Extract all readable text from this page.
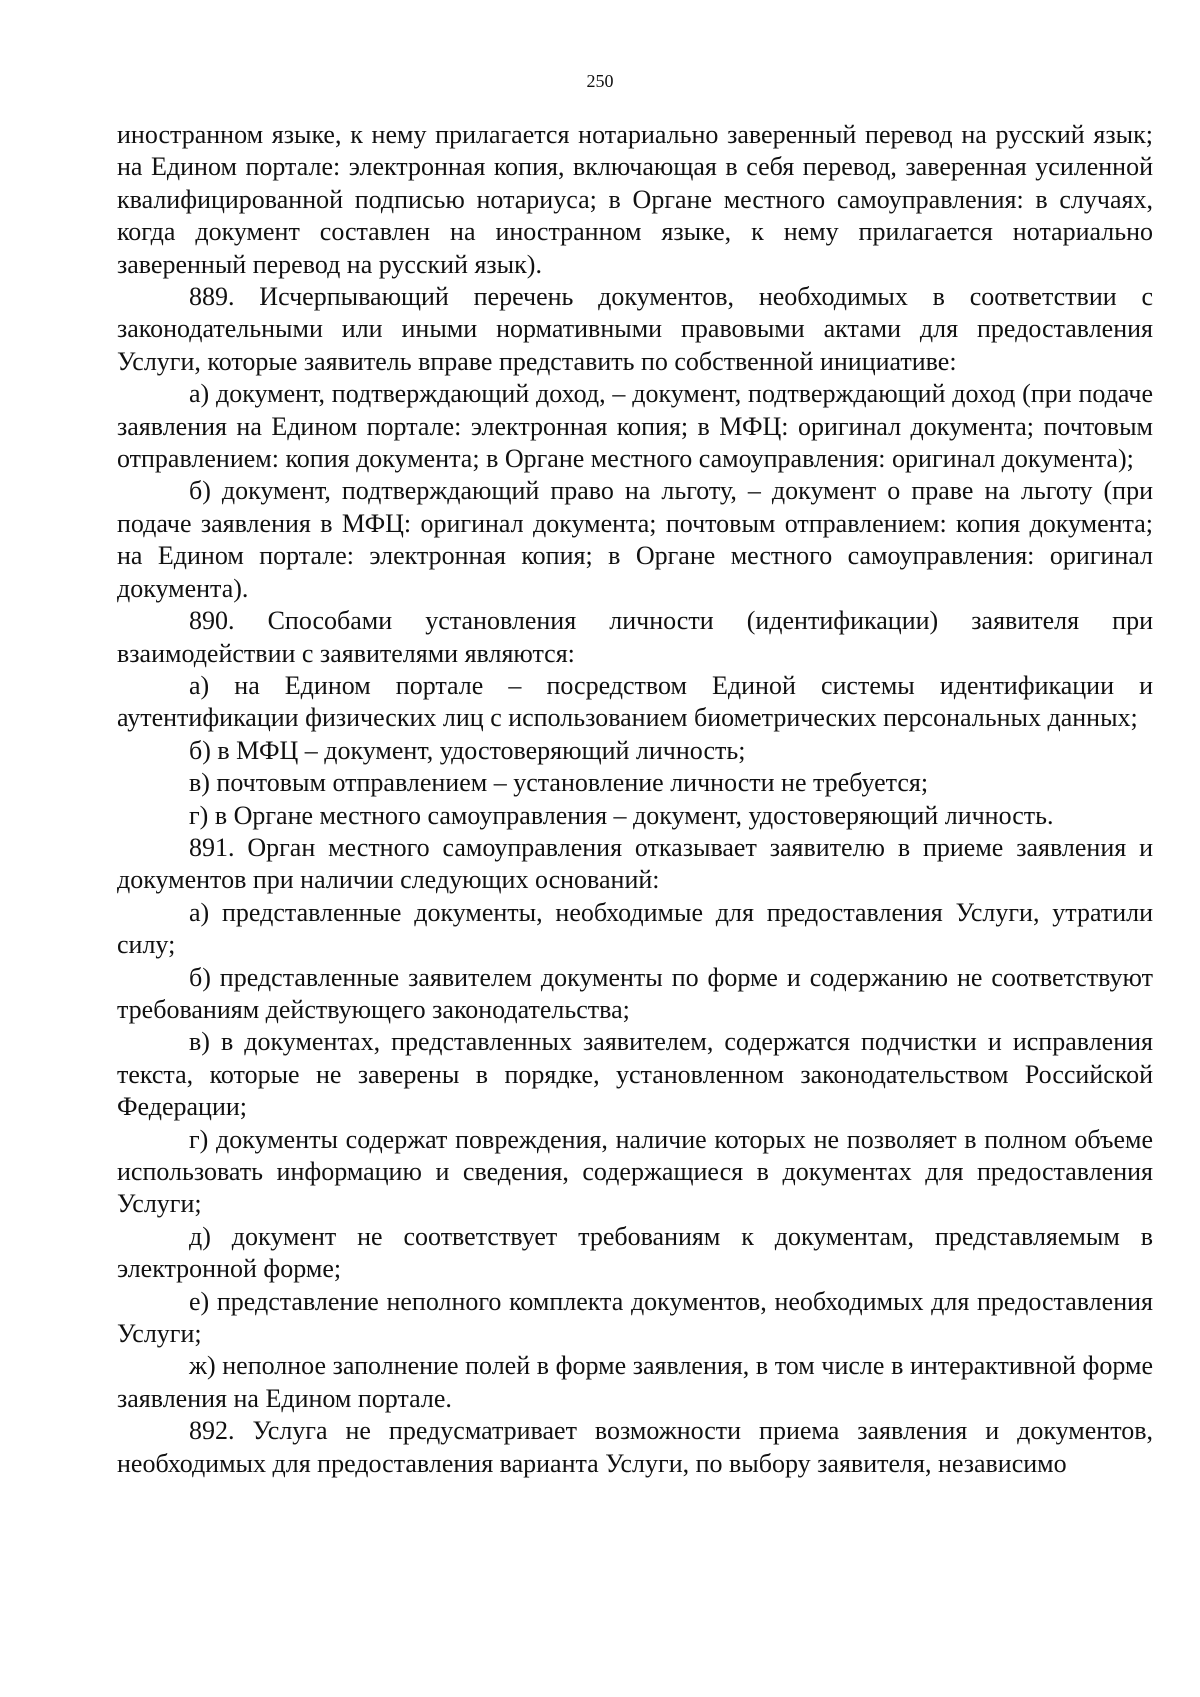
250

иностранном языке, к нему прилагается нотариально заверенный перевод на русский язык; на Едином портале: электронная копия, включающая в себя перевод, заверенная усиленной квалифицированной подписью нотариуса; в Органе местного самоуправления: в случаях, когда документ составлен на иностранном языке, к нему прилагается нотариально заверенный перевод на русский язык).

889. Исчерпывающий перечень документов, необходимых в соответствии с законодательными или иными нормативными правовыми актами для предоставления Услуги, которые заявитель вправе представить по собственной инициативе:

а) документ, подтверждающий доход, – документ, подтверждающий доход (при подаче заявления на Едином портале: электронная копия; в МФЦ: оригинал документа; почтовым отправлением: копия документа; в Органе местного самоуправления: оригинал документа);

б) документ, подтверждающий право на льготу, – документ о праве на льготу (при подаче заявления в МФЦ: оригинал документа; почтовым отправлением: копия документа; на Едином портале: электронная копия; в Органе местного самоуправления: оригинал документа).

890. Способами установления личности (идентификации) заявителя при взаимодействии с заявителями являются:

а) на Едином портале – посредством Единой системы идентификации и аутентификации физических лиц с использованием биометрических персональных данных;

б) в МФЦ – документ, удостоверяющий личность;

в) почтовым отправлением – установление личности не требуется;

г) в Органе местного самоуправления – документ, удостоверяющий личность.

891. Орган местного самоуправления отказывает заявителю в приеме заявления и документов при наличии следующих оснований:

а) представленные документы, необходимые для предоставления Услуги, утратили силу;

б) представленные заявителем документы по форме и содержанию не соответствуют требованиям действующего законодательства;

в) в документах, представленных заявителем, содержатся подчистки и исправления текста, которые не заверены в порядке, установленном законодательством Российской Федерации;

г) документы содержат повреждения, наличие которых не позволяет в полном объеме использовать информацию и сведения, содержащиеся в документах для предоставления Услуги;

д) документ не соответствует требованиям к документам, представляемым в электронной форме;

е) представление неполного комплекта документов, необходимых для предоставления Услуги;

ж) неполное заполнение полей в форме заявления, в том числе в интерактивной форме заявления на Едином портале.

892. Услуга не предусматривает возможности приема заявления и документов, необходимых для предоставления варианта Услуги, по выбору заявителя, независимо
